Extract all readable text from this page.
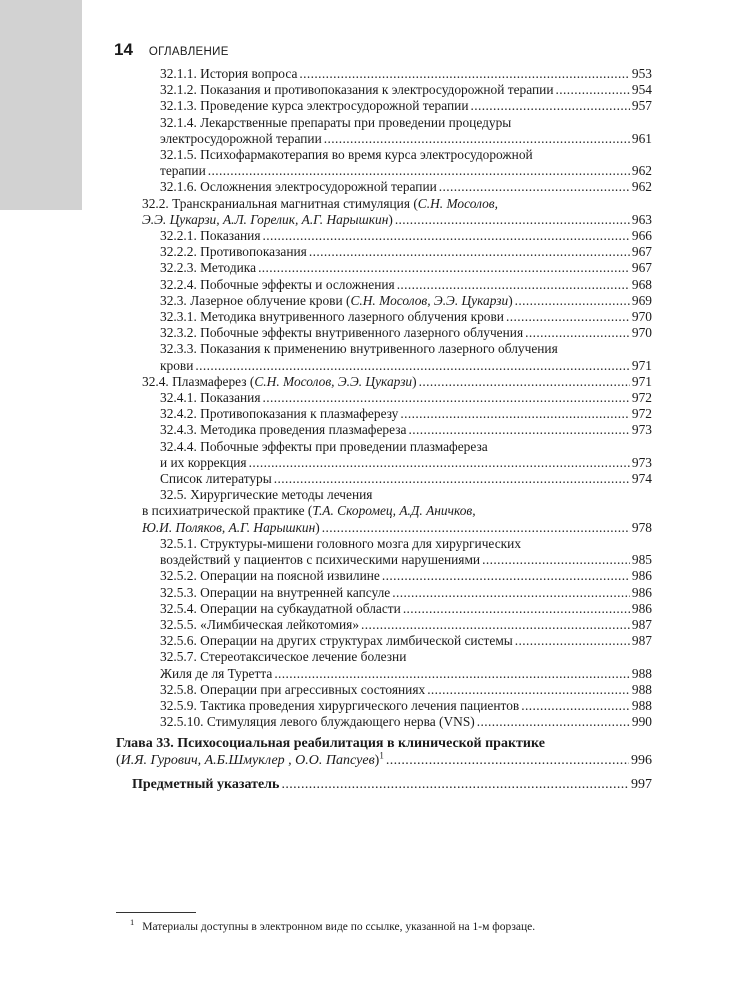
14 ОГЛАВЛЕНИЕ
32.1.1. История вопроса .....	953
32.1.2. Показания и противопоказания к электросудорожной терапии .....	954
32.1.3. Проведение курса электросудорожной терапии .....	957
32.1.4. Лекарственные препараты при проведении процедуры
электросудорожной терапии .....	961
32.1.5. Психофармакотерапия во время курса электросудорожной
терапии .....	962
32.1.6. Осложнения электросудорожной терапии .....	962
32.2. Транскраниальная магнитная стимуляция (С.Н. Мосолов,
Э.Э. Цукарзи, А.Л. Горелик, А.Г. Нарышкин) .....	963
32.2.1. Показания .....	966
32.2.2. Противопоказания .....	967
32.2.3. Методика .....	967
32.2.4. Побочные эффекты и осложнения .....	968
32.3. Лазерное облучение крови (С.Н. Мосолов, Э.Э. Цукарзи) .....	969
32.3.1. Методика внутривенного лазерного облучения крови .....	970
32.3.2. Побочные эффекты внутривенного лазерного облучения .....	970
32.3.3. Показания к применению внутривенного лазерного облучения
крови .....	971
32.4. Плазмаферез (С.Н. Мосолов, Э.Э. Цукарзи) .....	971
32.4.1. Показания .....	972
32.4.2. Противопоказания к плазмаферезу .....	972
32.4.3. Методика проведения плазмафереза .....	973
32.4.4. Побочные эффекты при проведении плазмафереза
и их коррекция .....	973
Список литературы .....	974
32.5. Хирургические методы лечения
в психиатрической практике (Т.А. Скоромец, А.Д. Аничков,
Ю.И. Поляков, А.Г. Нарышкин) .....	978
32.5.1. Структуры-мишени головного мозга для хирургических
воздействий у пациентов с психическими нарушениями .....	985
32.5.2. Операции на поясной извилине .....	986
32.5.3. Операции на внутренней капсуле .....	986
32.5.4. Операции на субкаудатной области .....	986
32.5.5. «Лимбическая лейкотомия» .....	987
32.5.6. Операции на других структурах лимбической системы .....	987
32.5.7. Стереотаксическое лечение болезни
Жиля де ля Туретта .....	988
32.5.8. Операции при агрессивных состояниях .....	988
32.5.9. Тактика проведения хирургического лечения пациентов .....	988
32.5.10. Стимуляция левого блуждающего нерва (VNS) .....	990
Глава 33. Психосоциальная реабилитация в клинической практике
(И.Я. Гурович, А.Б.Шмуклер , О.О. Папсуев)$^1$ .....	996
Предметный указатель .....	997
$^1$ Материалы доступны в электронном виде по ссылке, указанной на 1-м форзаце.
